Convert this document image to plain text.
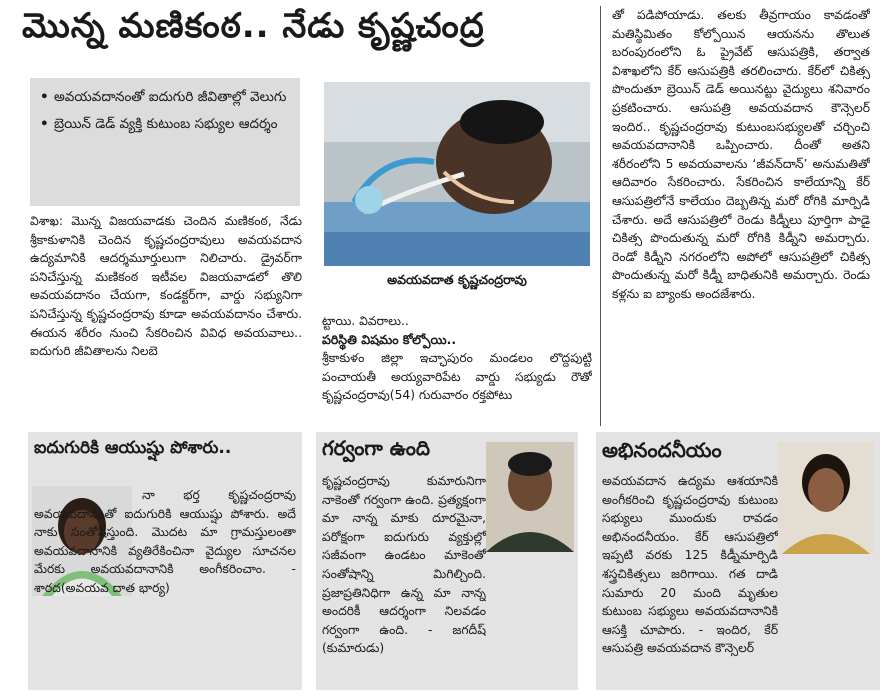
మొన్న మణికంఠ.. నేడు కృష్ణచంద్ర
• అవయవదానంతో ఐదుగురి జీవితాల్లో వెలుగు
• బ్రెయిన్ డెడ్ వ్యక్తి కుటుంబ సభ్యుల ఆదర్శం

విశాఖ: మొన్న విజయవాడకు చెందిన మణికంఠ, నేడు శ్రీకాకుళానికి చెందిన కృష్ణచంద్రరావులు అవయవదాన ఉద్యమానికి ఆదర్శమూర్తులుగా నిలిచారు. డ్రైవర్‌గా పనిచేస్తున్న మణికంఠ ఇటీవల విజయవాడలో తొలి అవయవదానం చేయగా, కండక్టర్‌గా, వార్డు సభ్యునిగా పనిచేస్తున్న కృష్ణచంద్రరావు కూడా అవయవదానం చేశారు. ఈయన శరీరం నుంచి సేకరించిన వివిధ అవయవాలు.. ఐదుగురి జీవితాలను నిలబె

అవయవదాత కృష్ణచంద్రరావు

ట్టాయి. వివరాలు..

పరిస్థితి విషమం కోల్పోయి..

శ్రీకాకుళం జిల్లా ఇచ్ఛాపురం మండలం లొద్దపుట్టి పంచాయతీ అయ్యవారిపేట వార్డు సభ్యుడు రౌతో కృష్ణచంద్రరావు(54) గురువారం రక్తపోటు

తో పడిపోయాడు. తలకు తీవ్రగాయం కావడంతో మతిస్థిమితం కోల్పోయిన ఆయనను తొలుత బరంపురంలోని ఓ ప్రైవేట్ ఆసుపత్రికి, తర్వాత విశాఖలోని కేర్ ఆసుపత్రికి తరలించారు. కేర్‌లో చికిత్స పొందుతూ బ్రెయిన్ డెడ్ అయినట్టు వైద్యులు శనివారం ప్రకటించారు. ఆసుపత్రి అవయవదాన కౌన్సెలర్ ఇందిర.. కృష్ణచంద్రరావు కుటుంబసభ్యులతో చర్చించి అవయవదానానికి ఒప్పించారు. దీంతో అతని శరీరంలోని 5 అవయవాలను ‘జీవన్‌దాన్’ అనుమతితో ఆదివారం సేకరించారు. సేకరించిన కాలేయాన్ని కేర్ ఆసుపత్రిలోనే కాలేయం దెబ్బతిన్న మరో రోగికి మార్పిడి చేశారు. అదే ఆసుపత్రిలో రెండు కిడ్నీలు పూర్తిగా పాడై చికిత్స పొందుతున్న మరో రోగికి కిడ్నీని అమర్చారు. రెండో కిడ్నీని నగరంలోని అపోలో ఆసుపత్రిలో చికిత్స పొందుతున్న మరో కిడ్నీ బాధితునికి అమర్చారు. రెండు కళ్లను ఐ బ్యాంకు అందజేశారు.

ఐదుగురికి ఆయుష్షు పోశారు..
నా భర్త కృష్ణచంద్రరావు అవయవదానంతో ఐదుగురికి ఆయుష్షు పోశారు. అదే నాకు సంతోషిస్తుంది. మొదట మా గ్రామస్తులంతా అవయవదానానికి వ్యతిరేకించినా వైద్యుల సూచనల మేరకు అవయవదానానికి అంగీకరించాం. - శారద(అవయవ దాత భార్య)
గర్వంగా ఉంది
కృష్ణచంద్రరావు కుమారునిగా నాకెంతో గర్వంగా ఉంది. ప్రత్యక్షంగా మా నాన్న మాకు దూరమైనా, పరోక్షంగా ఐదుగురు వ్యక్తుల్లో సజీవంగా ఉండటం మాకెంతో సంతోషాన్ని మిగిల్చింది. ప్రజాప్రతినిధిగా ఉన్న మా నాన్న అందరికీ ఆదర్శంగా నిలవడం గర్వంగా ఉంది. - జగదీష్ (కుమారుడు)
అభినందనీయం
అవయవదాన ఉద్యమ ఆశయానికి అంగీకరించి కృష్ణచంద్రరావు కుటుంబ సభ్యులు ముందుకు రావడం అభినందనీయం. కేర్ ఆసుపత్రిలో ఇప్పటి వరకు 125 కిడ్నీమార్పిడి శస్త్రచికిత్సలు జరిగాయి. గత దాడి సుమారు 20 మంది మృతుల కుటుంబ సభ్యులు అవయవదానానికి ఆసక్తి చూపారు. - ఇందిర, కేర్ ఆసుపత్రి అవయవదాన కౌన్సెలర్
